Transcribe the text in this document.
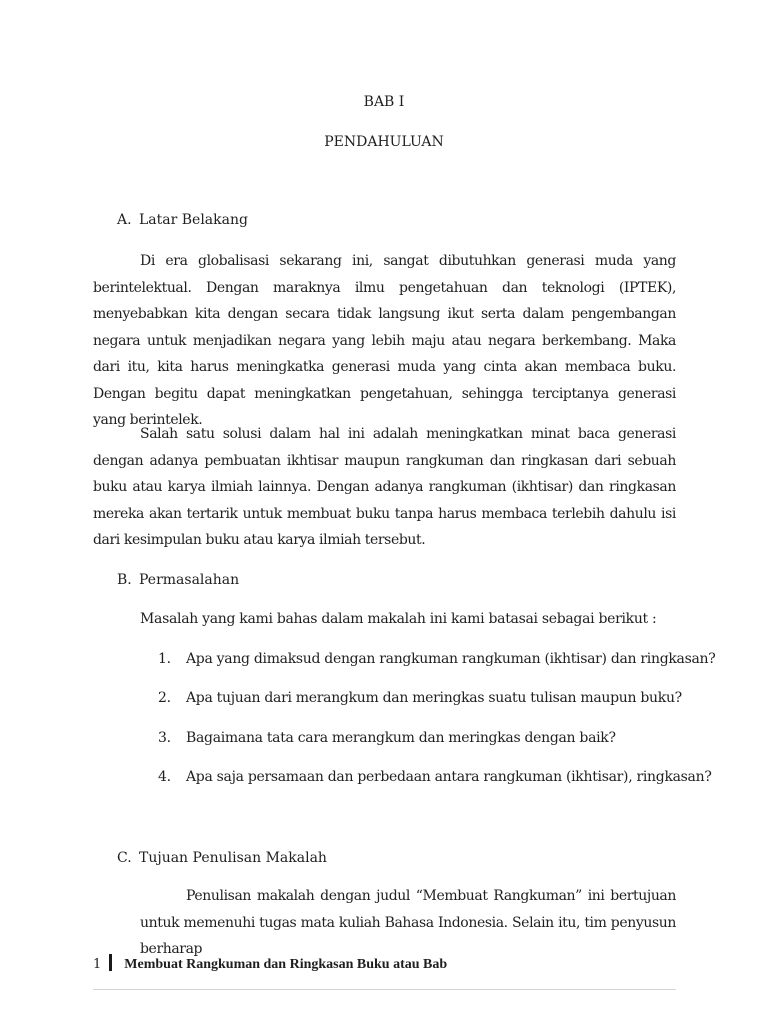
BAB I
PENDAHULUAN
A. Latar Belakang
Di era globalisasi sekarang ini, sangat dibutuhkan generasi muda yang berintelektual. Dengan maraknya ilmu pengetahuan dan teknologi (IPTEK), menyebabkan kita dengan secara tidak langsung ikut serta dalam pengembangan negara untuk menjadikan negara yang lebih maju atau negara berkembang. Maka dari itu, kita harus meningkatka generasi muda yang cinta akan membaca buku. Dengan begitu dapat meningkatkan pengetahuan, sehingga terciptanya generasi yang berintelek.
Salah satu solusi dalam hal ini adalah meningkatkan minat baca generasi dengan adanya pembuatan ikhtisar maupun rangkuman dan ringkasan dari sebuah buku atau karya ilmiah lainnya. Dengan adanya rangkuman (ikhtisar) dan ringkasan mereka akan tertarik untuk membuat buku tanpa harus membaca terlebih dahulu isi dari kesimpulan buku atau karya ilmiah tersebut.
B. Permasalahan
Masalah yang kami bahas dalam makalah ini kami batasai sebagai berikut :
1. Apa yang dimaksud dengan rangkuman rangkuman (ikhtisar) dan ringkasan?
2. Apa tujuan dari merangkum dan meringkas suatu tulisan maupun buku?
3. Bagaimana tata cara merangkum dan meringkas dengan baik?
4. Apa saja persamaan dan perbedaan antara rangkuman (ikhtisar), ringkasan?
C. Tujuan Penulisan Makalah
Penulisan makalah dengan judul “Membuat Rangkuman” ini bertujuan untuk memenuhi tugas mata kuliah Bahasa Indonesia. Selain itu, tim penyusun berharap
1 Membuat Rangkuman dan Ringkasan Buku atau Bab
